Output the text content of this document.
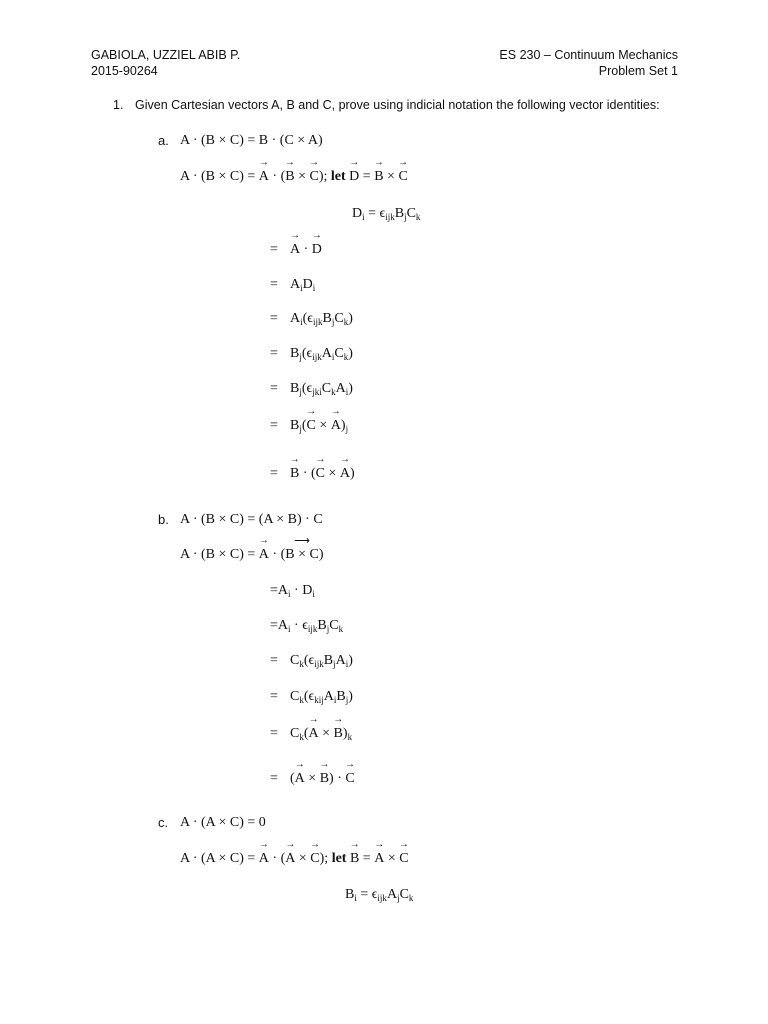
GABIOLA, UZZIEL ABIB P.
2015-90264
ES 230 – Continuum Mechanics
Problem Set 1
1. Given Cartesian vectors A, B and C, prove using indicial notation the following vector identities:
a. A · (B × C) = B · (C × A)
A · (B × C) = → A · (→ B × → C); let → D = → B × → C
$D_i = \epsilon_{ijk}B_jC_k$
= → A · → D
= $A_iD_i$
= $A_i(\epsilon_{ijk}B_jC_k)$
= $B_j(\epsilon_{ijk}A_iC_k)$
= $B_j(\epsilon_{jki}C_kA_i)$
= $B_j(\to C$ × → $A)_j$
= → B · (→ C × → A)
b. A · (B × C) = (A × B) · C
A · (B × C) = → A · (⟶ B × C)
$=A_i \cdot D_i$
$=A_i \cdot \epsilon_{ijk}B_jC_k$
= $C_k(\epsilon_{ijk}B_jA_i)$
= $C_k(\epsilon_{kij}A_iB_j)$
= $C_k(\to A$ × → $B)_k$
= (→ A × → B) · → C
c. A · (A × C) = 0
A · (A × C) = → A · (→ A × → C); let → B = → A × → C
$B_i = \epsilon_{ijk}A_jC_k$
